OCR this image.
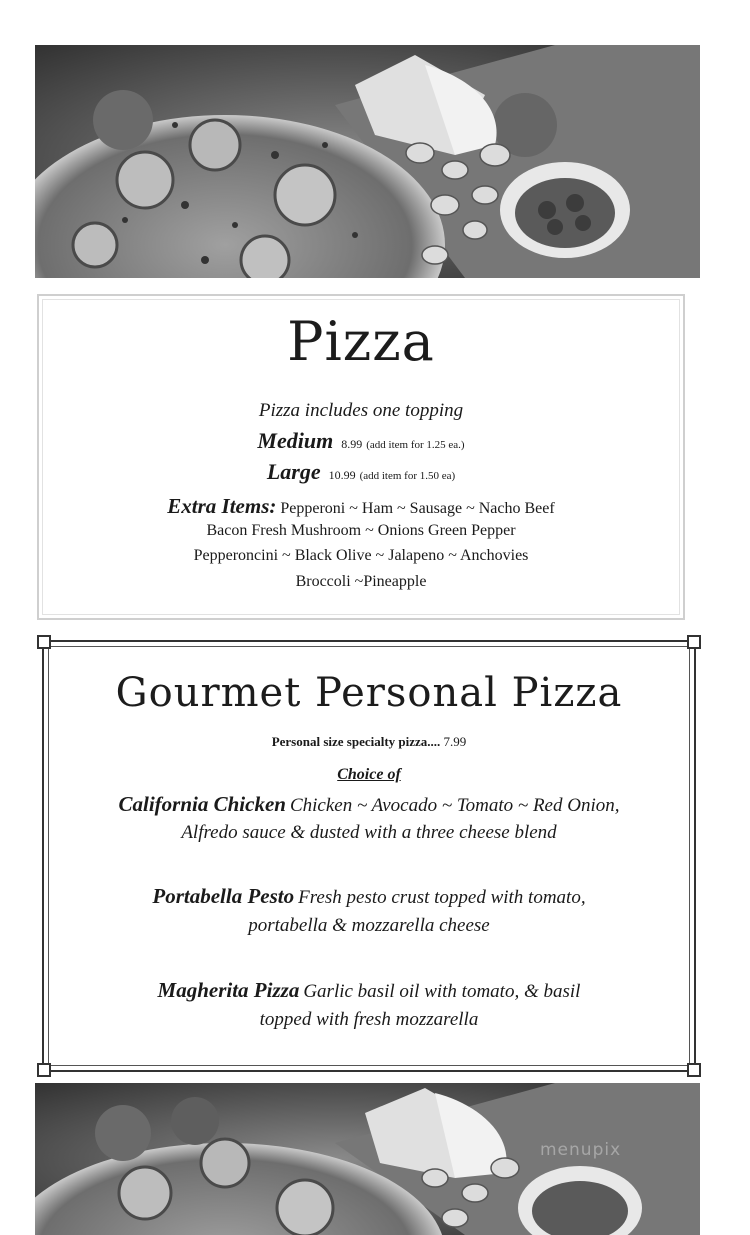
Pizza
Pizza includes one topping
Medium 8.99 (add item for 1.25 ea.)
Large 10.99 (add item for 1.50 ea)
Extra Items: Pepperoni ~ Ham ~ Sausage ~ Nacho Beef
Bacon Fresh Mushroom ~ Onions Green Pepper
Pepperoncini ~ Black Olive ~ Jalapeno ~ Anchovies
Broccoli ~Pineapple
Gourmet Personal Pizza
Personal size specialty pizza.... 7.99
Choice of
California Chicken Chicken ~ Avocado ~ Tomato ~ Red Onion,
Alfredo sauce & dusted with a three cheese blend
Portabella Pesto Fresh pesto crust topped with tomato,
portabella & mozzarella cheese
Magherita Pizza Garlic basil oil with tomato, & basil
topped with fresh mozzarella
menupix
